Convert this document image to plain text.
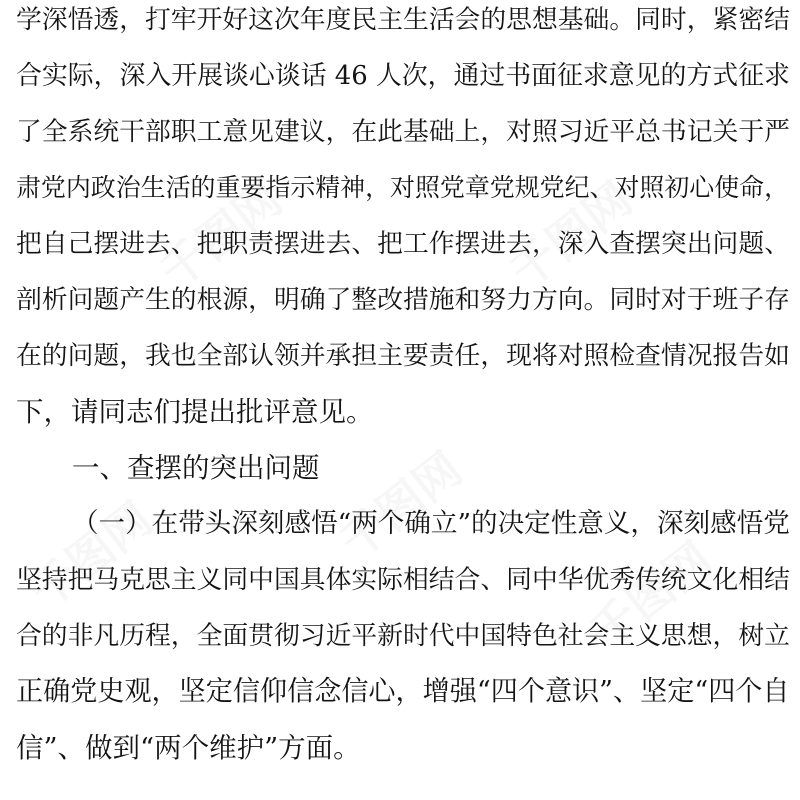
千图网	千图网
千图网	千图网
千图网
学深悟透，打牢开好这次年度民主生活会的思想基础。同时，紧密结
合实际，深入开展谈心谈话 46 人次，通过书面征求意见的方式征求
了全系统干部职工意见建议，在此基础上，对照习近平总书记关于严
肃党内政治生活的重要指示精神，对照党章党规党纪、对照初心使命，
把自己摆进去、把职责摆进去、把工作摆进去，深入查摆突出问题、
剖析问题产生的根源，明确了整改措施和努力方向。同时对于班子存
在的问题，我也全部认领并承担主要责任，现将对照检查情况报告如
下，请同志们提出批评意见。
一、查摆的突出问题
（一）在带头深刻感悟“两个确立”的决定性意义，深刻感悟党
坚持把马克思主义同中国具体实际相结合、同中华优秀传统文化相结
合的非凡历程，全面贯彻习近平新时代中国特色社会主义思想，树立
正确党史观，坚定信仰信念信心，增强“四个意识”、坚定“四个自
信”、做到“两个维护”方面。
